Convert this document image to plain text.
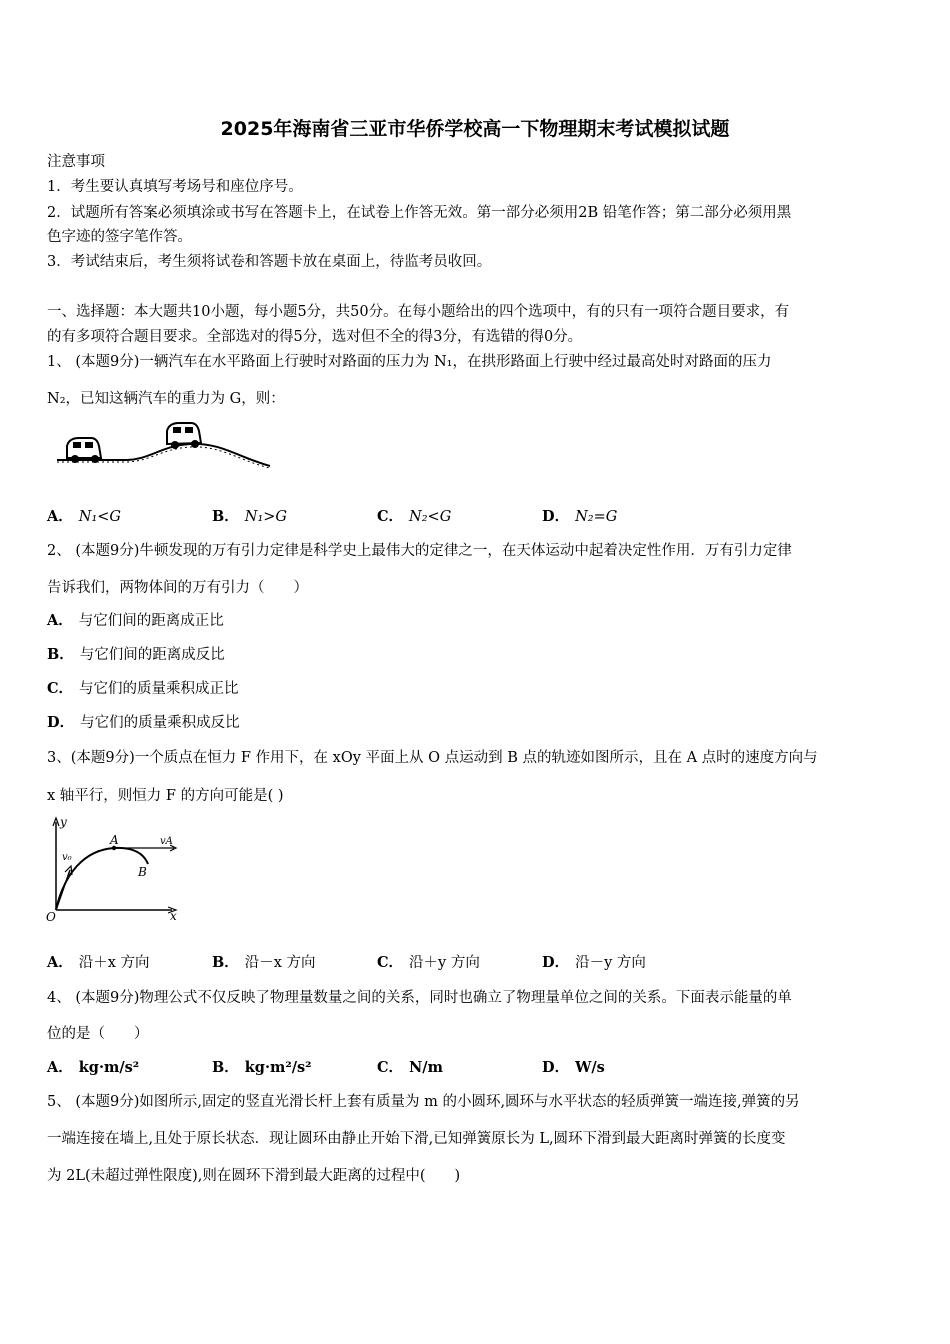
2025年海南省三亚市华侨学校高一下物理期末考试模拟试题
注意事项
1．考生要认真填写考场号和座位序号。
2．试题所有答案必须填涂或书写在答题卡上，在试卷上作答无效。第一部分必须用2B 铅笔作答；第二部分必须用黑
色字迹的签字笔作答。
3．考试结束后，考生须将试卷和答题卡放在桌面上，待监考员收回。
一、选择题：本大题共10小题，每小题5分，共50分。在每小题给出的四个选项中，有的只有一项符合题目要求，有
的有多项符合题目要求。全部选对的得5分，选对但不全的得3分，有选错的得0分。
1、 (本题9分)一辆汽车在水平路面上行驶时对路面的压力为 N₁，在拱形路面上行驶中经过最高处时对路面的压力
N₂，已知这辆汽车的重力为 G，则：
A． N₁<G	B． N₁>G	C． N₂<G	D． N₂=G
2、 (本题9分)牛顿发现的万有引力定律是科学史上最伟大的定律之一，在天体运动中起着决定性作用．万有引力定律
告诉我们，两物体间的万有引力（　　）
A． 与它们间的距离成正比
B． 与它们间的距离成反比
C． 与它们的质量乘积成正比
D． 与它们的质量乘积成反比
3、(本题9分)一个质点在恒力 F 作用下，在 xOy 平面上从 O 点运动到 B 点的轨迹如图所示，且在 A 点时的速度方向与
x 轴平行，则恒力 F 的方向可能是( )
y
x
O
A
B
v₀
vA
A． 沿＋x 方向	B． 沿－x 方向	C． 沿＋y 方向	D． 沿－y 方向
4、 (本题9分)物理公式不仅反映了物理量数量之间的关系，同时也确立了物理量单位之间的关系。下面表示能量的单
位的是（　　）
A． kg·m/s²	B． kg·m²/s²	C． N/m	D． W/s
5、 (本题9分)如图所示,固定的竖直光滑长杆上套有质量为 m 的小圆环,圆环与水平状态的轻质弹簧一端连接,弹簧的另
一端连接在墙上,且处于原长状态．现让圆环由静止开始下滑,已知弹簧原长为 L,圆环下滑到最大距离时弹簧的长度变
为 2L(未超过弹性限度),则在圆环下滑到最大距离的过程中(　　)
